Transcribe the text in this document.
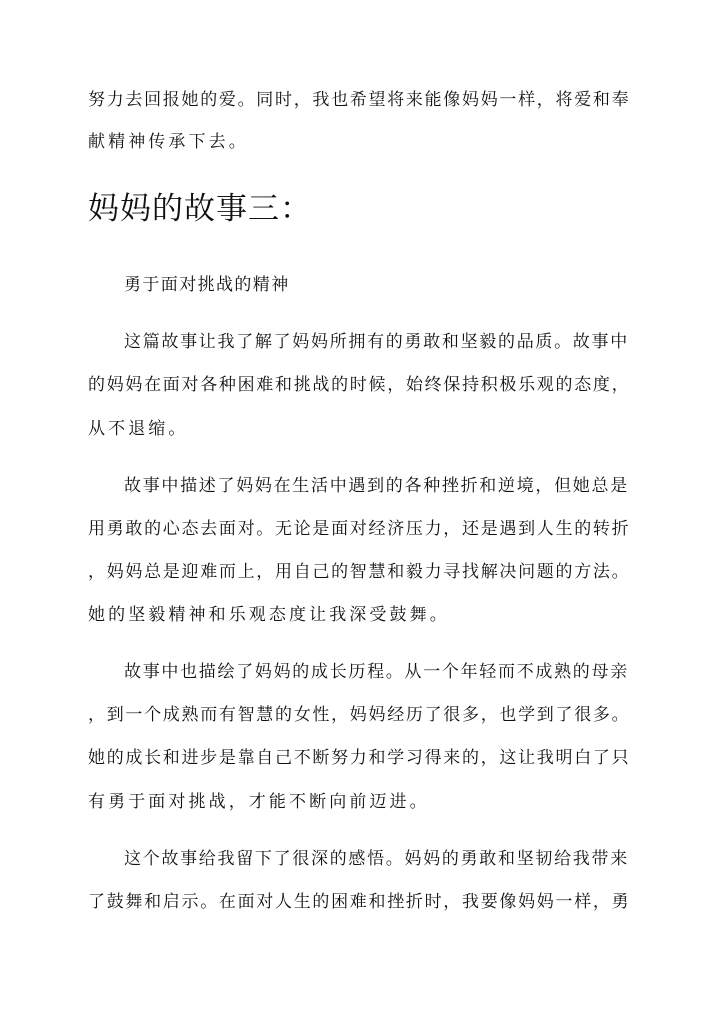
努力去回报她的爱。同时，我也希望将来能像妈妈一样，将爱和奉
献精神传承下去。
妈妈的故事三：
勇于面对挑战的精神
这篇故事让我了解了妈妈所拥有的勇敢和坚毅的品质。故事中
的妈妈在面对各种困难和挑战的时候，始终保持积极乐观的态度，
从不退缩。
故事中描述了妈妈在生活中遇到的各种挫折和逆境，但她总是
用勇敢的心态去面对。无论是面对经济压力，还是遇到人生的转折
，妈妈总是迎难而上，用自己的智慧和毅力寻找解决问题的方法。
她的坚毅精神和乐观态度让我深受鼓舞。
故事中也描绘了妈妈的成长历程。从一个年轻而不成熟的母亲
，到一个成熟而有智慧的女性，妈妈经历了很多，也学到了很多。
她的成长和进步是靠自己不断努力和学习得来的，这让我明白了只
有勇于面对挑战，才能不断向前迈进。
这个故事给我留下了很深的感悟。妈妈的勇敢和坚韧给我带来
了鼓舞和启示。在面对人生的困难和挫折时，我要像妈妈一样，勇
